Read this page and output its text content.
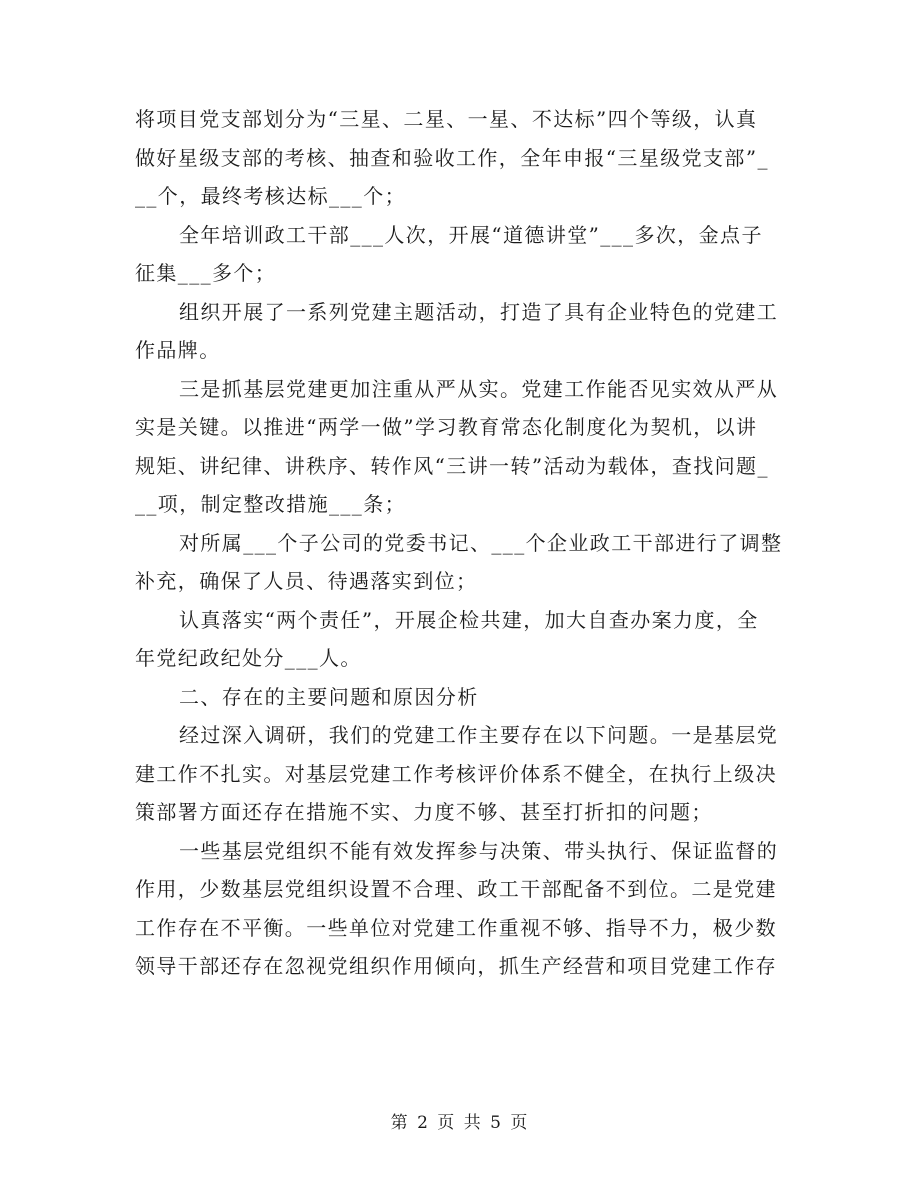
将项目党支部划分为“三星、二星、一星、不达标”四个等级，认真
做好星级支部的考核、抽查和验收工作，全年申报“三星级党支部”_
__个，最终考核达标___个；
全年培训政工干部___人次，开展“道德讲堂”___多次，金点子
征集___多个；
组织开展了一系列党建主题活动，打造了具有企业特色的党建工
作品牌。
三是抓基层党建更加注重从严从实。党建工作能否见实效从严从
实是关键。以推进“两学一做”学习教育常态化制度化为契机，以讲
规矩、讲纪律、讲秩序、转作风“三讲一转”活动为载体，查找问题_
__项，制定整改措施___条；
对所属___个子公司的党委书记、___个企业政工干部进行了调整
补充，确保了人员、待遇落实到位；
认真落实“两个责任”，开展企检共建，加大自查办案力度，全
年党纪政纪处分___人。
二、存在的主要问题和原因分析
经过深入调研，我们的党建工作主要存在以下问题。一是基层党
建工作不扎实。对基层党建工作考核评价体系不健全，在执行上级决
策部署方面还存在措施不实、力度不够、甚至打折扣的问题；
一些基层党组织不能有效发挥参与决策、带头执行、保证监督的
作用，少数基层党组织设置不合理、政工干部配备不到位。二是党建
工作存在不平衡。一些单位对党建工作重视不够、指导不力，极少数
领导干部还存在忽视党组织作用倾向，抓生产经营和项目党建工作存
第 2 页 共 5 页
